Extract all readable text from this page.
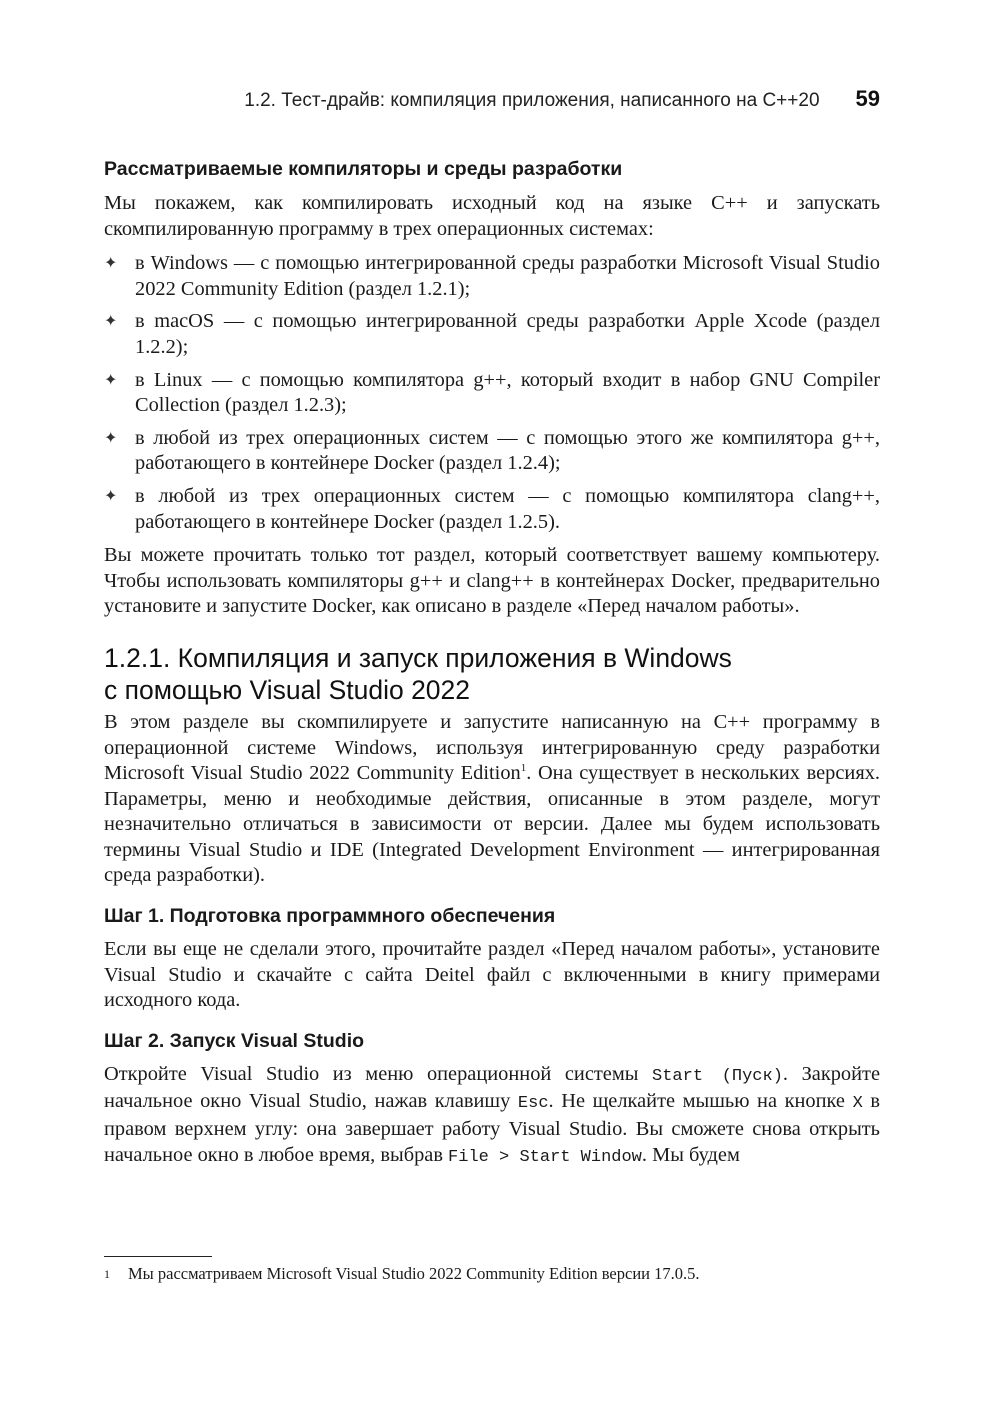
1.2. Тест-драйв: компиляция приложения, написанного на С++20 59
Рассматриваемые компиляторы и среды разработки

Мы покажем, как компилировать исходный код на языке C++ и запускать скомпилированную программу в трех операционных системах:

✦ в Windows — с помощью интегрированной среды разработки Microsoft Visual Studio 2022 Community Edition (раздел 1.2.1);
✦ в macOS — с помощью интегрированной среды разработки Apple Xcode (раздел 1.2.2);
✦ в Linux — с помощью компилятора g++, который входит в набор GNU Compiler Collection (раздел 1.2.3);
✦ в любой из трех операционных систем — с помощью этого же компилятора g++, работающего в контейнере Docker (раздел 1.2.4);
✦ в любой из трех операционных систем — с помощью компилятора clang++, работающего в контейнере Docker (раздел 1.2.5).

Вы можете прочитать только тот раздел, который соответствует вашему компьютеру. Чтобы использовать компиляторы g++ и clang++ в контейнерах Docker, предварительно установите и запустите Docker, как описано в разделе «Перед началом работы».

1.2.1. Компиляция и запуск приложения в Windows
с помощью Visual Studio 2022

В этом разделе вы скомпилируете и запустите написанную на C++ программу в операционной системе Windows, используя интегрированную среду разработки Microsoft Visual Studio 2022 Community Edition$^1$. Она существует в нескольких версиях. Параметры, меню и необходимые действия, описанные в этом разделе, могут незначительно отличаться в зависимости от версии. Далее мы будем использовать термины Visual Studio и IDE (Integrated Development Environment — интегрированная среда разработки).

Шаг 1. Подготовка программного обеспечения

Если вы еще не сделали этого, прочитайте раздел «Перед началом работы», установите Visual Studio и скачайте с сайта Deitel файл с включенными в книгу примерами исходного кода.

Шаг 2. Запуск Visual Studio

Откройте Visual Studio из меню операционной системы Start (Пуск). Закройте начальное окно Visual Studio, нажав клавишу Esc. Не щелкайте мышью на кнопке X в правом верхнем углу: она завершает работу Visual Studio. Вы сможете снова открыть начальное окно в любое время, выбрав File > Start Window. Мы будем

1 Мы рассматриваем Microsoft Visual Studio 2022 Community Edition версии 17.0.5.
